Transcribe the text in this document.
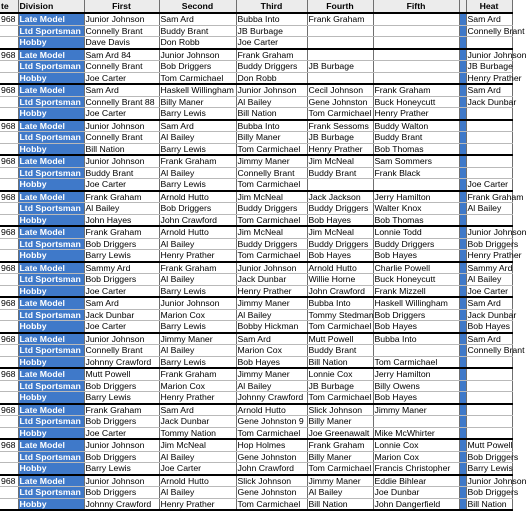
te	Division	First	Second	Third	Fourth	Fifth		Heat
968	Late Model	Junior Johnson	Sam Ard	Bubba Into	Frank Graham			Sam Ard
	Ltd Sportsman	Connelly Brant	Buddy Brant	JB Burbage				Connelly Brant
	Hobby	Dave Davis	Don Robb	Joe Carter				
968	Late Model	Sam Ard 84	Junior Johnson	Frank Graham				Junior Johnson
	Ltd Sportsman	Connelly Brant	Bob Driggers	Buddy Driggers	JB Burbage			JB Burbage
	Hobby	Joe Carter	Tom Carmichael	Don Robb				Henry Prather
968	Late Model	Sam Ard	Haskell Willingham	Junior Johnson	Cecil Johnson	Frank Graham		Sam Ard
	Ltd Sportsman	Connelly Brant 88	Billy Maner	Al Bailey	Gene Johnston	Buck Honeycutt		Jack Dunbar
	Hobby	Joe Carter	Barry Lewis	Bill Nation	Tom Carmichael	Henry Prather		
968	Late Model	Junior Johnson	Sam Ard	Bubba Into	Frank Sessoms	Buddy Walton		
	Ltd Sportsman	Connelly Brant	Al Bailey	Billy Maner	JB Burbage	Buddy Brant		
	Hobby	Bill Nation	Barry Lewis	Tom Carmichael	Henry Prather	Bob Thomas		
968	Late Model	Junior Johnson	Frank Graham	Jimmy Maner	Jim McNeal	Sam Sommers		
	Ltd Sportsman	Buddy Brant	Al Bailey	Connelly Brant	Buddy Brant	Frank Black		
	Hobby	Joe Carter	Barry Lewis	Tom Carmichael				Joe Carter
968	Late Model	Frank Graham	Arnold Hutto	Jim McNeal	Jack Jackson	Jerry Hamilton		Frank Graham
	Ltd Sportsman	Al Bailey	Bob Driggers	Buddy Driggers	Buddy Driggers	Walter Knox		Al Bailey
	Hobby	John Hayes	John Crawford	Tom Carmichael	Bob Hayes	Bob Thomas		
968	Late Model	Frank Graham	Arnold Hutto	Jim McNeal	Jim McNeal	Lonnie Todd		Junior Johnson
	Ltd Sportsman	Bob Driggers	Al Bailey	Buddy Driggers	Buddy Driggers	Buddy Driggers		Bob Driggers
	Hobby	Barry Lewis	Henry Prather	Tom Carmichael	Bob Hayes	Bob Hayes		Henry Prather
968	Late Model	Sammy Ard	Frank Graham	Junior Johnson	Arnold Hutto	Charlie Powell		Sammy Ard
	Ltd Sportsman	Bob Driggers	Al Bailey	Jack Dunbar	Willie Horne	Buck Honeycutt		Al Bailey
	Hobby	Joe Carter	Barry Lewis	Henry Prather	John Crawford	Frank Mizzell		Joe Carter
968	Late Model	Sam Ard	Junior Johnson	Jimmy Maner	Bubba Into	Haskell Willingham		Sam Ard
	Ltd Sportsman	Jack Dunbar	Marion Cox	Al Bailey	Tommy Stedman	Bob Driggers		Jack Dunbar
	Hobby	Joe Carter	Barry Lewis	Bobby Hickman	Tom Carmichael	Bob Hayes		Bob Hayes
968	Late Model	Junior Johnson	Jimmy Maner	Sam Ard	Mutt Powell	Bubba Into		Sam Ard
	Ltd Sportsman	Connelly Brant	Al Bailey	Marion Cox	Buddy Brant			Connelly Brant
	Hobby	Johnny Crawford	Barry Lewis	Bob Hayes	Bill Nation	Tom Carmichael		
968	Late Model	Mutt Powell	Frank Graham	Jimmy Maner	Lonnie Cox	Jerry Hamilton		
	Ltd Sportsman	Bob Driggers	Marion Cox	Al Bailey	JB Burbage	Billy Owens		
	Hobby	Barry Lewis	Henry Prather	Johnny Crawford	Tom Carmichael	Bob Hayes		
968	Late Model	Frank Graham	Sam Ard	Arnold Hutto	Slick Johnson	Jimmy Maner		
	Ltd Sportsman	Bob Driggers	Jack Dunbar	Gene Johnston 9	Billy Maner			
	Hobby	Joe Carter	Tommy Nation	Tom Carmichael	Joe Greenawalt	Mike McWhirter		
968	Late Model	Junior Johnson	Jim McNeal	Hop Holmes	Frank Graham	Lonnie Cox		Mutt Powell
	Ltd Sportsman	Bob Driggers	Al Bailey	Gene Johnston	Billy Maner	Marion Cox		Bob Driggers
	Hobby	Barry Lewis	Joe Carter	John Crawford	Tom Carmichael	Francis Christopher		Barry Lewis
968	Late Model	Junior Johnson	Arnold Hutto	Slick Johnson	Jimmy Maner	Eddie Bihlear		Junior Johnson
	Ltd Sportsman	Bob Driggers	Al Bailey	Gene Johnston	Al Bailey	Joe Dunbar		Bob Driggers
	Hobby	Johnny Crawford	Henry Prather	Tom Carmichael	Bill Nation	John Dangerfield		Bill Nation
